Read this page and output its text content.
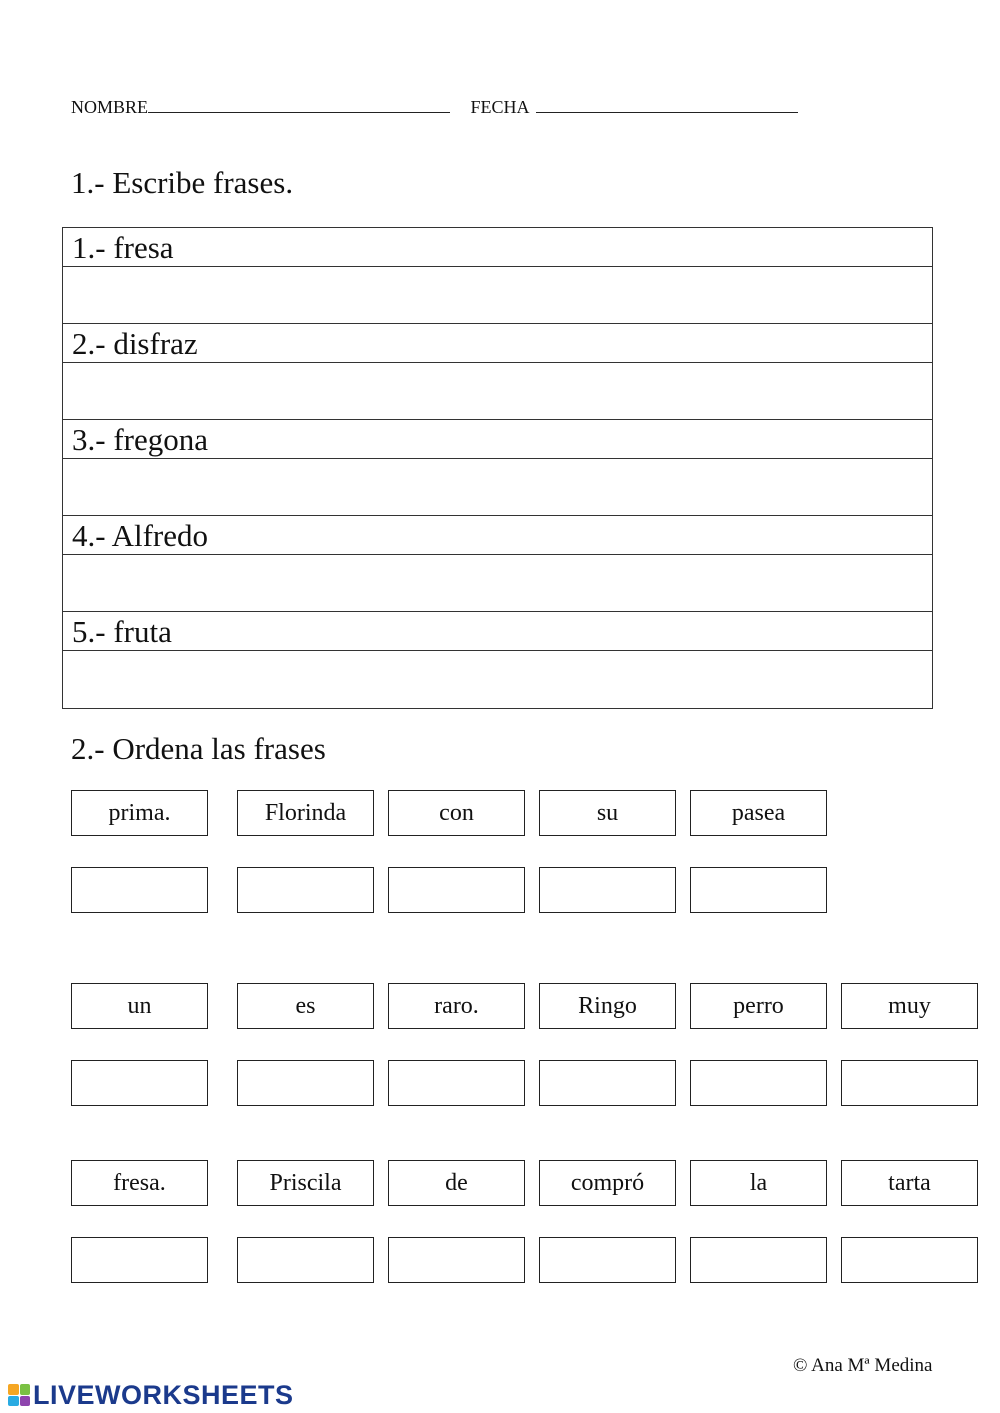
NOMBRE	FECHA
1.- Escribe frases.
1.- fresa
2.- disfraz
3.- fregona
4.- Alfredo
5.- fruta
2.- Ordena las frases
prima.	Florinda	con	su	pasea
un	es	raro.	Ringo	perro	muy
fresa.	Priscila	de	compró	la	tarta
© Ana Mª Medina
LIVEWORKSHEETS
